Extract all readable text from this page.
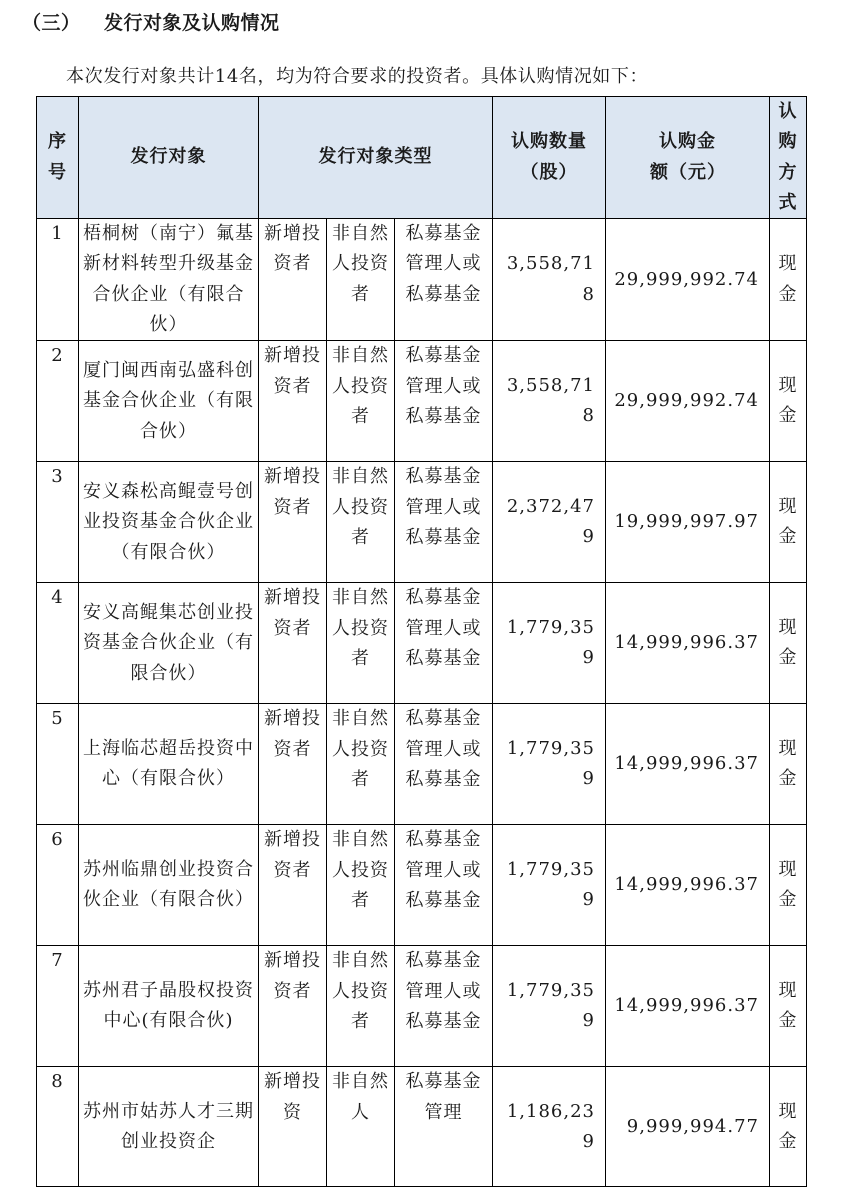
（三） 发行对象及认购情况
本次发行对象共计14名，均为符合要求的投资者。具体认购情况如下：
序号	发行对象	发行对象类型			认购数量（股）	认购金额（元）	认购方式
1	梧桐树（南宁）氟基新材料转型升级基金合伙企业（有限合伙）	新增投资者	非自然人投资者	私募基金管理人或私募基金	3,558,718	29,999,992.74	现金
2	厦门闽西南弘盛科创基金合伙企业（有限合伙）	新增投资者	非自然人投资者	私募基金管理人或私募基金	3,558,718	29,999,992.74	现金
3	安义森松高鲲壹号创业投资基金合伙企业（有限合伙）	新增投资者	非自然人投资者	私募基金管理人或私募基金	2,372,479	19,999,997.97	现金
4	安义高鲲集芯创业投资基金合伙企业（有限合伙）	新增投资者	非自然人投资者	私募基金管理人或私募基金	1,779,359	14,999,996.37	现金
5	上海临芯超岳投资中心（有限合伙）	新增投资者	非自然人投资者	私募基金管理人或私募基金	1,779,359	14,999,996.37	现金
6	苏州临鼎创业投资合伙企业（有限合伙）	新增投资者	非自然人投资者	私募基金管理人或私募基金	1,779,359	14,999,996.37	现金
7	苏州君子晶股权投资中心(有限合伙)	新增投资者	非自然人投资者	私募基金管理人或私募基金	1,779,359	14,999,996.37	现金
8	苏州市姑苏人才三期创业投资企	新增投资	非自然人	私募基金管理	1,186,239	9,999,994.77	现金
